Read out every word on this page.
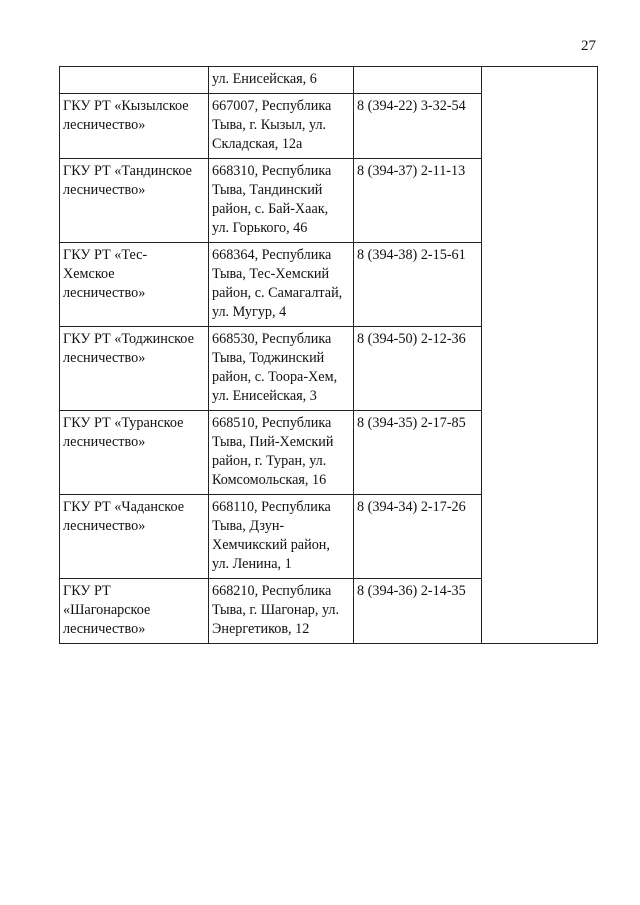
27
	ул. Енисейская, 6		
ГКУ РТ «Кызылское
лесничество»	667007, Республика
Тыва, г. Кызыл, ул.
Складская, 12а	8 (394-22) 3-32-54	
ГКУ РТ «Тандинское
лесничество»	668310, Республика
Тыва, Тандинский
район, с. Бай-Хаак,
ул. Горького, 46	8 (394-37) 2-11-13	
ГКУ РТ «Тес-
Хемское
лесничество»	668364, Республика
Тыва, Тес-Хемский
район, с. Самагалтай,
ул. Мугур, 4	8 (394-38) 2-15-61	
ГКУ РТ «Тоджинское
лесничество»	668530, Республика
Тыва, Тоджинский
район, с. Тоора-Хем,
ул. Енисейская, 3	8 (394-50) 2-12-36	
ГКУ РТ «Туранское
лесничество»	668510, Республика
Тыва, Пий-Хемский
район, г. Туран, ул.
Комсомольская, 16	8 (394-35) 2-17-85	
ГКУ РТ «Чаданское
лесничество»	668110, Республика
Тыва, Дзун-
Хемчикский район,
ул. Ленина, 1	8 (394-34) 2-17-26	
ГКУ РТ
«Шагонарское
лесничество»	668210, Республика
Тыва, г. Шагонар, ул.
Энергетиков, 12	8 (394-36) 2-14-35	
